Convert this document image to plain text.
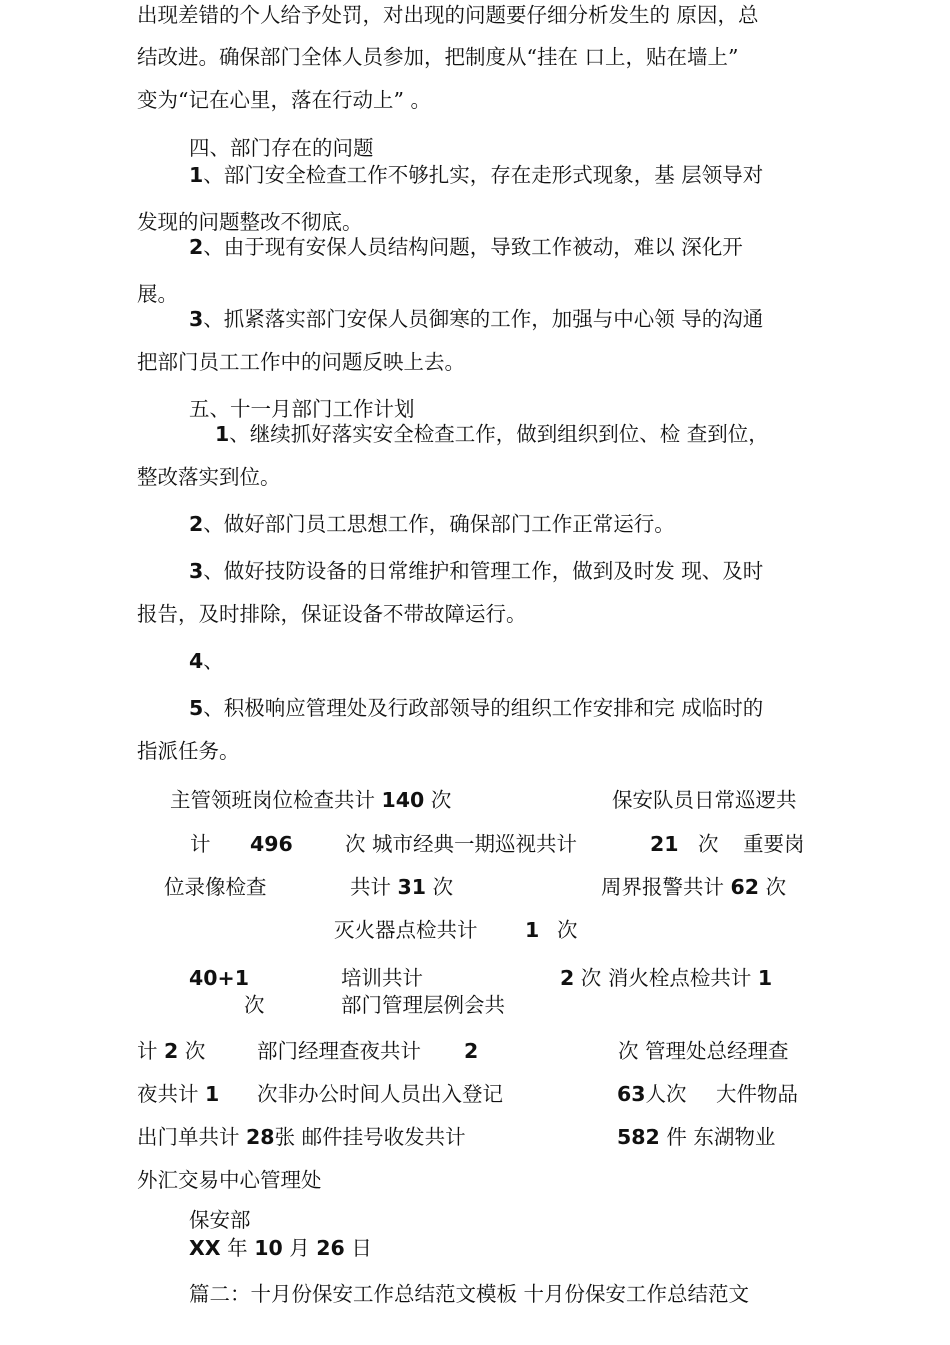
出现差错的个人给予处罚，对出现的问题要仔细分析发生的 原因，总
结改进。确保部门全体人员参加，把制度从“挂在 口上，贴在墙上”
变为“记在心里，落在行动上” 。
四、部门存在的问题
1、部门安全检查工作不够扎实，存在走形式现象，基 层领导对
发现的问题整改不彻底。
2、由于现有安保人员结构问题，导致工作被动，难以 深化开
展。
3、抓紧落实部门安保人员御寒的工作，加强与中心领 导的沟通
把部门员工工作中的问题反映上去。
五、十一月部门工作计划
1、继续抓好落实安全检查工作，做到组织到位、检 查到位，
整改落实到位。
2、做好部门员工思想工作，确保部门工作正常运行。
3、做好技防设备的日常维护和管理工作，做到及时发 现、及时
报告，及时排除，保证设备不带故障运行。
4、
5、积极响应管理处及行政部领导的组织工作安排和完 成临时的
指派任务。
主管领班岗位检查共计 140 次	保安队员日常巡逻共
计 496	次 城市经典一期巡视共计	21 次 重要岗
位录像检查	共计 31 次	周界报警共计 62 次
灭火器点检共计 1 次
40+1	培训共计	2 次 消火栓点检共计 1
次	部门管理层例会共
计 2 次	部门经理查夜共计 2	次 管理处总经理查
夜共计 1 次非办公时间人员出入登记	63人次 大件物品
出门单共计 28张 邮件挂号收发共计	582 件 东湖物业
外汇交易中心管理处
保安部
XX 年 10 月 26 日
篇二：十月份保安工作总结范文模板 十月份保安工作总结范文
